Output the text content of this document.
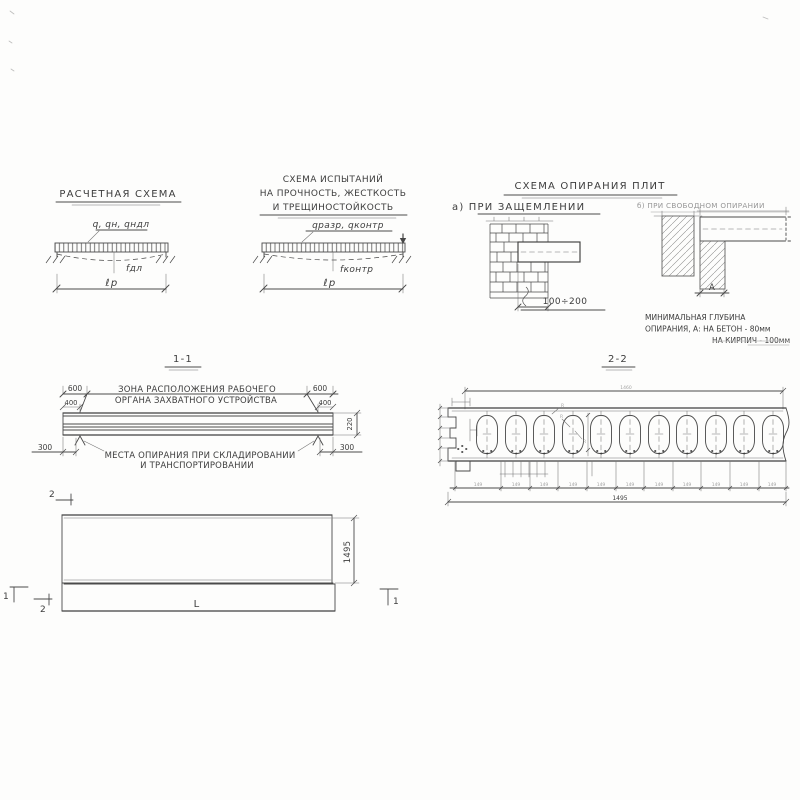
РАСЧЕТНАЯ СХЕМА
q, qн, qндл
fдл
ℓр
СХЕМА ИСПЫТАНИЙ
НА ПРОЧНОСТЬ, ЖЕСТКОСТЬ
И ТРЕЩИНОСТОЙКОСТЬ
qразр, qконтр
fконтр
ℓр
СХЕМА ОПИРАНИЯ ПЛИТ
а) ПРИ ЗАЩЕМЛЕНИИ
100÷200
б) ПРИ СВОБОДНОМ ОПИРАНИИ
А
МИНИМАЛЬНАЯ ГЛУБИНА
ОПИРАНИЯ, А: НА БЕТОН - 80мм
НА КИРПИЧ - 100мм
1-1
600
400
600
400
ЗОНА РАСПОЛОЖЕНИЯ РАБОЧЕГО
ОРГАНА ЗАХВАТНОГО УСТРОЙСТВА
300	300
220
МЕСТА ОПИРАНИЯ ПРИ СКЛАДИРОВАНИИ
И ТРАНСПОРТИРОВАНИИ
2-2
1460
R
R
R
149	149	149	149	149	149	149	149	149	149	149
1495
1495
L
2
2
1	1
